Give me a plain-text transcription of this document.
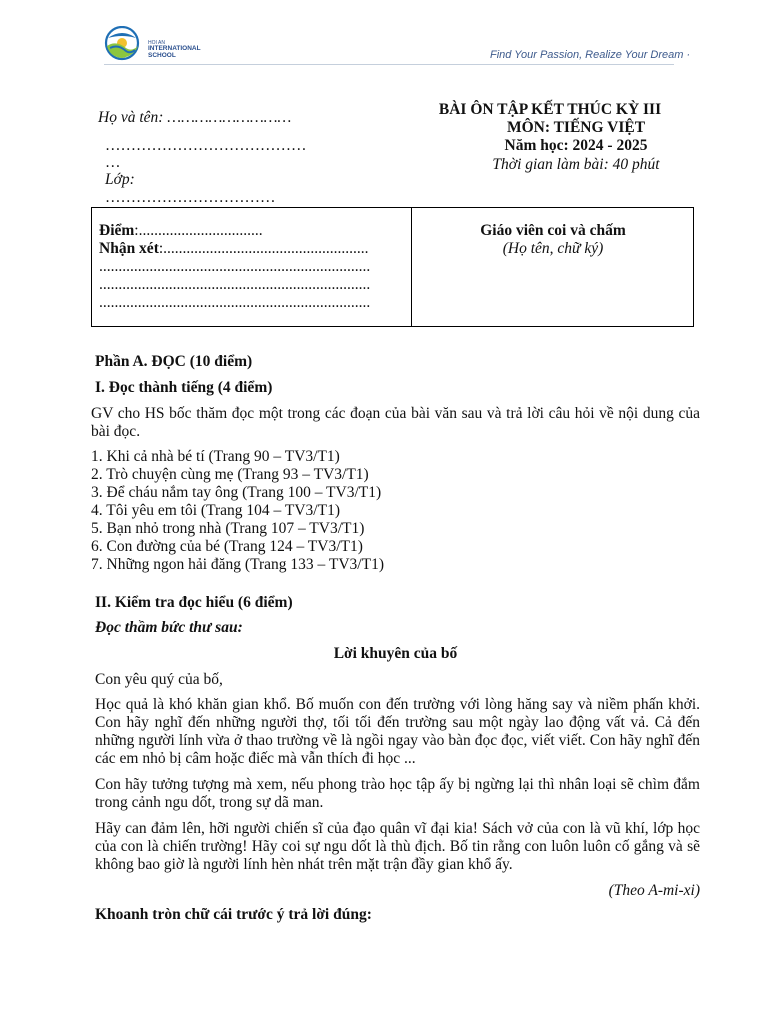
HOI AN
INTERNATIONAL
SCHOOL	Find Your Passion, Realize Your Dream ·
Họ và tên: ………………………
…………………………………
…
Lớp:
……………………………
BÀI ÔN TẬP KẾT THÚC KỲ III
MÔN: TIẾNG VIỆT
Năm học: 2024 - 2025
Thời gian làm bài: 40 phút
Điểm:................................
Nhận xét:.....................................................
......................................................................
......................................................................
......................................................................
Giáo viên coi và chấm
(Họ tên, chữ ký)
Phần A. ĐỌC (10 điểm)
I. Đọc thành tiếng (4 điểm)
GV cho HS bốc thăm đọc một trong các đoạn của bài văn sau và trả lời câu hỏi về nội dung của bài đọc.
1. Khi cả nhà bé tí (Trang 90 – TV3/T1)
2. Trò chuyện cùng mẹ (Trang 93 – TV3/T1)
3. Để cháu nắm tay ông (Trang 100 – TV3/T1)
4. Tôi yêu em tôi (Trang 104 – TV3/T1)
5. Bạn nhỏ trong nhà (Trang 107 – TV3/T1)
6. Con đường của bé (Trang 124 – TV3/T1)
7. Những ngon hải đăng (Trang 133 – TV3/T1)
II. Kiểm tra đọc hiểu (6 điểm)
Đọc thầm bức thư sau:
Lời khuyên của bố
Con yêu quý của bố,
Học quả là khó khăn gian khổ. Bố muốn con đến trường với lòng hăng say và niềm phấn khởi. Con hãy nghĩ đến những người thợ, tối tối đến trường sau một ngày lao động vất vả. Cả đến những người lính vừa ở thao trường về là ngồi ngay vào bàn đọc đọc, viết viết. Con hãy nghĩ đến các em nhỏ bị câm hoặc điếc mà vẫn thích đi học ...
Con hãy tưởng tượng mà xem, nếu phong trào học tập ấy bị ngừng lại thì nhân loại sẽ chìm đắm trong cảnh ngu dốt, trong sự dã man.
Hãy can đảm lên, hỡi người chiến sĩ của đạo quân vĩ đại kia! Sách vở của con là vũ khí, lớp học của con là chiến trường! Hãy coi sự ngu dốt là thù địch. Bố tin rằng con luôn luôn cố gắng và sẽ không bao giờ là người lính hèn nhát trên mặt trận đầy gian khổ ấy.
(Theo A-mi-xi)
Khoanh tròn chữ cái trước ý trả lời đúng:
